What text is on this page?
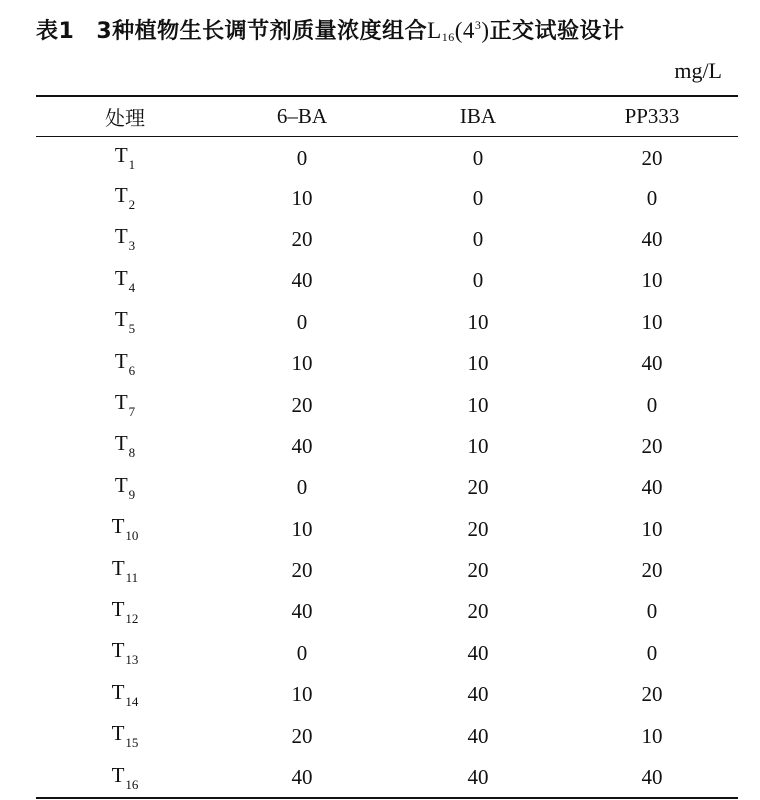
表1 3种植物生长调节剂质量浓度组合$L_{16}(4^3)$正交试验设计
mg/L
处理	6–BA	IBA	PP333
$T_1$	0	0	20
$T_2$	10	0	0
$T_3$	20	0	40
$T_4$	40	0	10
$T_5$	0	10	10
$T_6$	10	10	40
$T_7$	20	10	0
$T_8$	40	10	20
$T_9$	0	20	40
$T_{10}$	10	20	10
$T_{11}$	20	20	20
$T_{12}$	40	20	0
$T_{13}$	0	40	0
$T_{14}$	10	40	20
$T_{15}$	20	40	10
$T_{16}$	40	40	40
